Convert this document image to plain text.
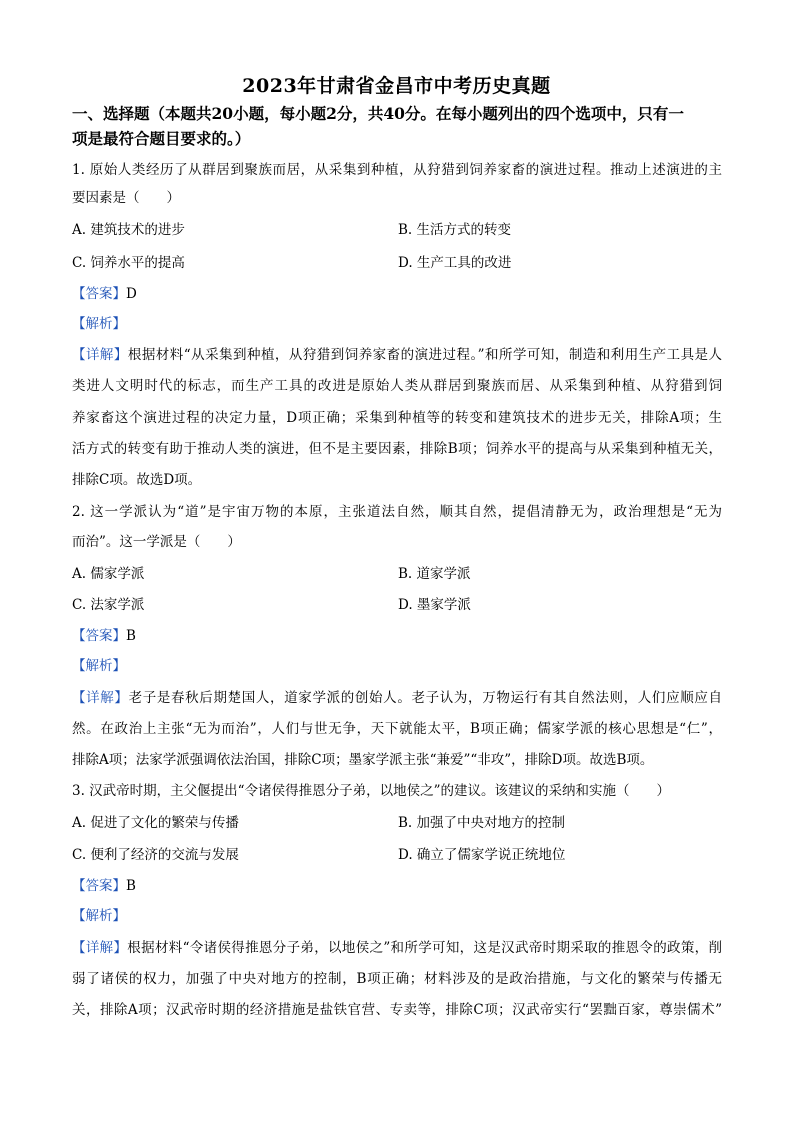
2023年甘肃省金昌市中考历史真题
一、选择题（本题共20小题，每小题2分，共40分。在每小题列出的四个选项中，只有一
项是最符合题目要求的。）
1. 原始人类经历了从群居到聚族而居，从采集到种植，从狩猎到饲养家畜的演进过程。推动上述演进的主
要因素是（　　）
A. 建筑技术的进步	B. 生活方式的转变
C. 饲养水平的提高	D. 生产工具的改进
【答案】D
【解析】
【详解】根据材料“从采集到种植，从狩猎到饲养家畜的演进过程。”和所学可知，制造和利用生产工具是人
类进人文明时代的标志，而生产工具的改进是原始人类从群居到聚族而居、从采集到种植、从狩猎到饲
养家畜这个演进过程的决定力量，D项正确；采集到种植等的转变和建筑技术的进步无关，排除A项；生
活方式的转变有助于推动人类的演进，但不是主要因素，排除B项；饲养水平的提高与从采集到种植无关，
排除C项。故选D项。
2. 这一学派认为“道”是宇宙万物的本原，主张道法自然，顺其自然，提倡清静无为，政治理想是“无为
而治”。这一学派是（　　）
A. 儒家学派	B. 道家学派
C. 法家学派	D. 墨家学派
【答案】B
【解析】
【详解】老子是春秋后期楚国人，道家学派的创始人。老子认为，万物运行有其自然法则，人们应顺应自
然。在政治上主张“无为而治”，人们与世无争，天下就能太平，B项正确；儒家学派的核心思想是“仁”，
排除A项；法家学派强调依法治国，排除C项；墨家学派主张“兼爱”“非攻”，排除D项。故选B项。
3. 汉武帝时期，主父偃提出“令诸侯得推恩分子弟，以地侯之”的建议。该建议的采纳和实施（　　）
A. 促进了文化的繁荣与传播	B. 加强了中央对地方的控制
C. 便利了经济的交流与发展	D. 确立了儒家学说正统地位
【答案】B
【解析】
【详解】根据材料“令诸侯得推恩分子弟，以地侯之”和所学可知，这是汉武帝时期采取的推恩令的政策，削
弱了诸侯的权力，加强了中央对地方的控制，B项正确；材料涉及的是政治措施，与文化的繁荣与传播无
关，排除A项；汉武帝时期的经济措施是盐铁官营、专卖等，排除C项；汉武帝实行“罢黜百家，尊崇儒术”
